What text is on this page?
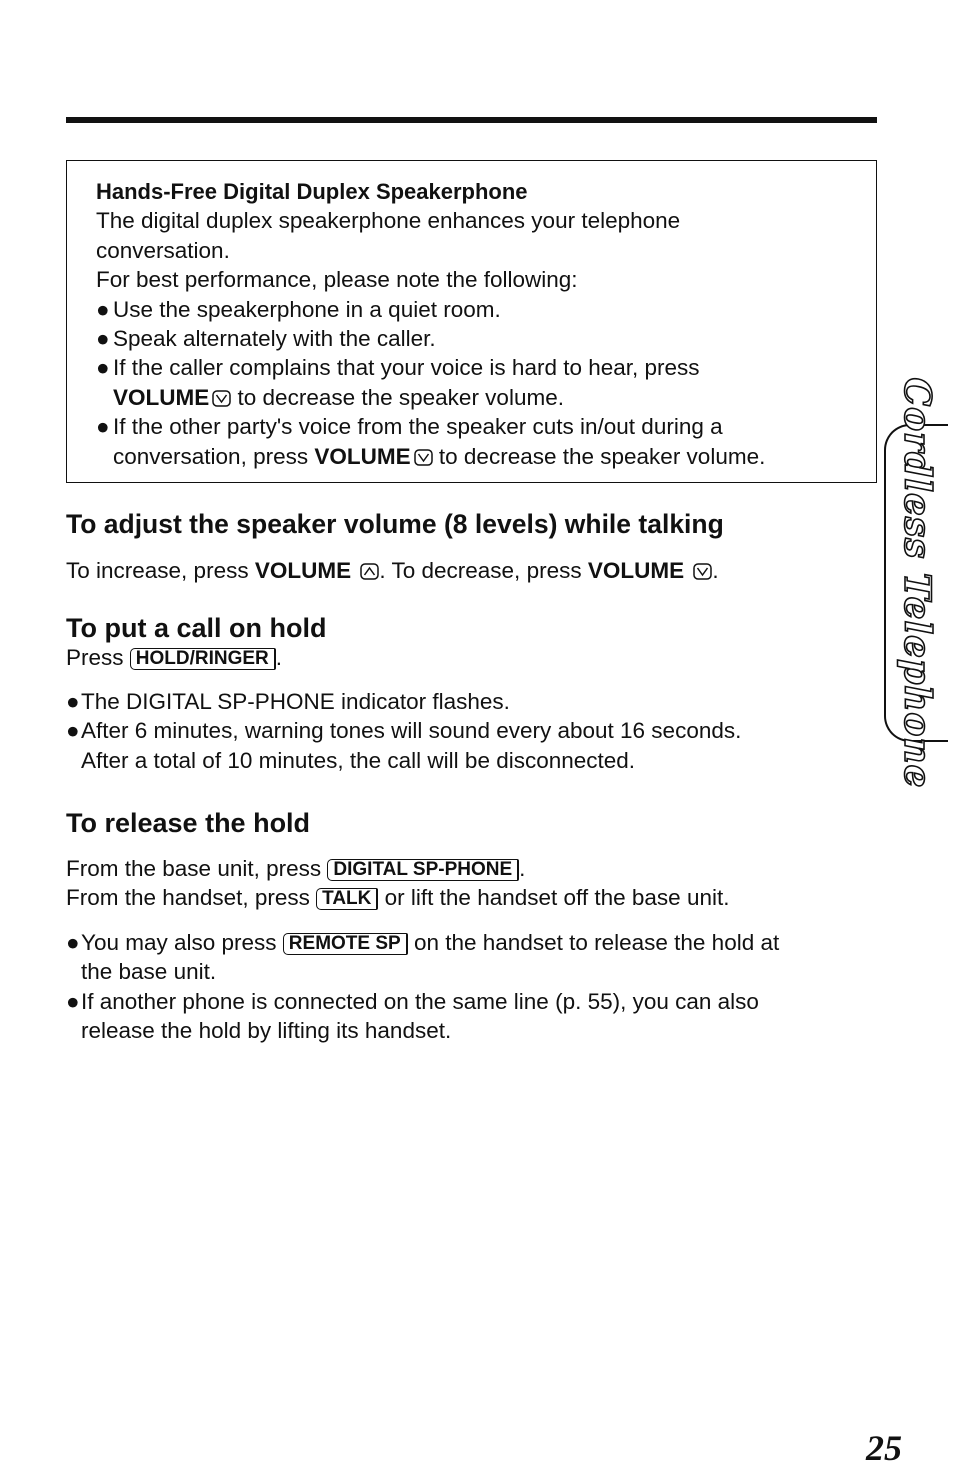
Hands-Free Digital Duplex Speakerphone

The digital duplex speakerphone enhances your telephone

conversation.

For best performance, please note the following:

● Use the speakerphone in a quiet room.

● Speak alternately with the caller.

● If the caller complains that your voice is hard to hear, press
VOLUME to decrease the speaker volume.

● If the other party's voice from the speaker cuts in/out during a
conversation, press VOLUME to decrease the speaker volume.

To adjust the speaker volume (8 levels) while talking

To increase, press VOLUME . To decrease, press VOLUME .

To put a call on hold

Press HOLD/RINGER .

● The DIGITAL SP-PHONE indicator flashes.
● After 6 minutes, warning tones will sound every about 16 seconds.
After a total of 10 minutes, the call will be disconnected.
To release the hold
From the base unit, press DIGITAL SP-PHONE .
From the handset, press TALK or lift the handset off the base unit.
● You may also press REMOTE SP on the handset to release the hold at
the base unit.
● If another phone is connected on the same line (p. 55), you can also
release the hold by lifting its handset.
Cordless Telephone
25
